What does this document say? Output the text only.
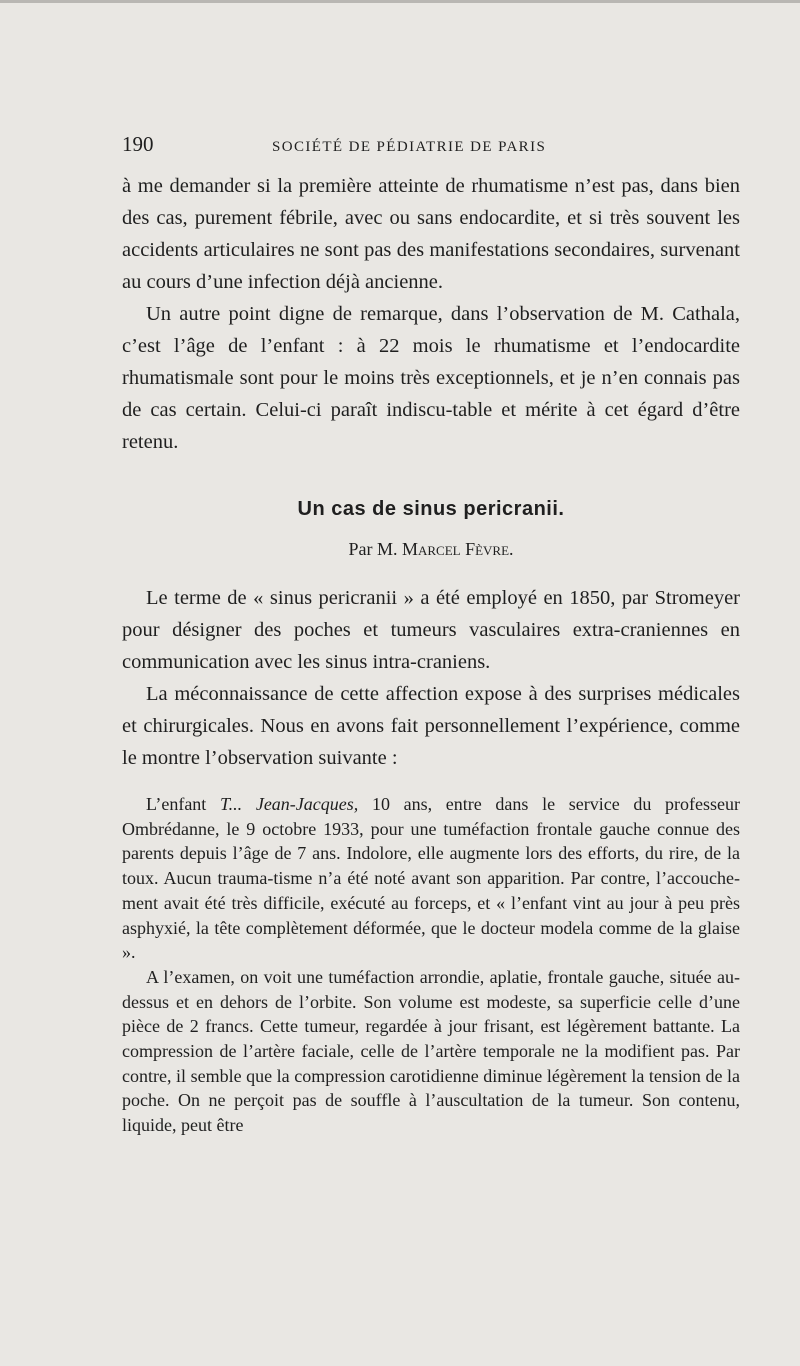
190	SOCIÉTÉ DE PÉDIATRIE DE PARIS

à me demander si la première atteinte de rhumatisme n’est pas, dans bien des cas, purement fébrile, avec ou sans endocardite, et si très souvent les accidents articulaires ne sont pas des manifestations secondaires, survenant au cours d’une infection déjà ancienne.

Un autre point digne de remarque, dans l’observation de M. Cathala, c’est l’âge de l’enfant : à 22 mois le rhumatisme et l’endocardite rhumatismale sont pour le moins très exceptionnels, et je n’en connais pas de cas certain. Celui-ci paraît indiscu-table et mérite à cet égard d’être retenu.

Un cas de sinus pericranii.

Par M. Marcel Fèvre.

Le terme de « sinus pericranii » a été employé en 1850, par Stromeyer pour désigner des poches et tumeurs vasculaires extra-craniennes en communication avec les sinus intra-craniens.

La méconnaissance de cette affection expose à des surprises médicales et chirurgicales. Nous en avons fait personnellement l’expérience, comme le montre l’observation suivante :

L’enfant T... Jean-Jacques, 10 ans, entre dans le service du professeur Ombrédanne, le 9 octobre 1933, pour une tuméfaction frontale gauche connue des parents depuis l’âge de 7 ans. Indolore, elle augmente lors des efforts, du rire, de la toux. Aucun trauma-tisme n’a été noté avant son apparition. Par contre, l’accouche-ment avait été très difficile, exécuté au forceps, et « l’enfant vint au jour à peu près asphyxié, la tête complètement déformée, que le docteur modela comme de la glaise ».

A l’examen, on voit une tuméfaction arrondie, aplatie, frontale gauche, située au-dessus et en dehors de l’orbite. Son volume est modeste, sa superficie celle d’une pièce de 2 francs. Cette tumeur, regardée à jour frisant, est légèrement battante. La compression de l’artère faciale, celle de l’artère temporale ne la modifient pas. Par contre, il semble que la compression carotidienne diminue légèrement la tension de la poche. On ne perçoit pas de souffle à l’auscultation de la tumeur. Son contenu, liquide, peut être
